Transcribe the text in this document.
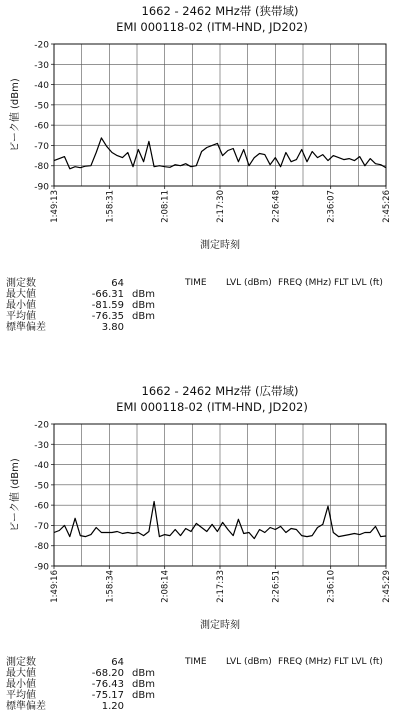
1662 - 2462 MHz帯 (狭帯域)
EMI 000118-02 (ITM-HND, JD202)
-20
-30
-40
-50
-60
-70
-80
-90
1:49:13	1:58:31	2:08:11	2:17:30	2:26:48	2:36:07	2:45:26
測定時刻
ピーク値 (dBm)
TIME LVL (dBm) FREQ (MHz) FLT LVL (ft)
測定数	64
最大値	-66.31 dBm
最小値	-81.59 dBm
平均値	-76.35 dBm
標準偏差	3.80
1662 - 2462 MHz帯 (広帯域)
EMI 000118-02 (ITM-HND, JD202)
-20
-30
-40
-50
-60
-70
-80
-90
1:49:16	1:58:34	2:08:14	2:17:33	2:26:51	2:36:10	2:45:29
測定時刻
ピーク値 (dBm)
TIME LVL (dBm) FREQ (MHz) FLT LVL (ft)
測定数	64
最大値	-68.20 dBm
最小値	-76.43 dBm
平均値	-75.17 dBm
標準偏差	1.20
